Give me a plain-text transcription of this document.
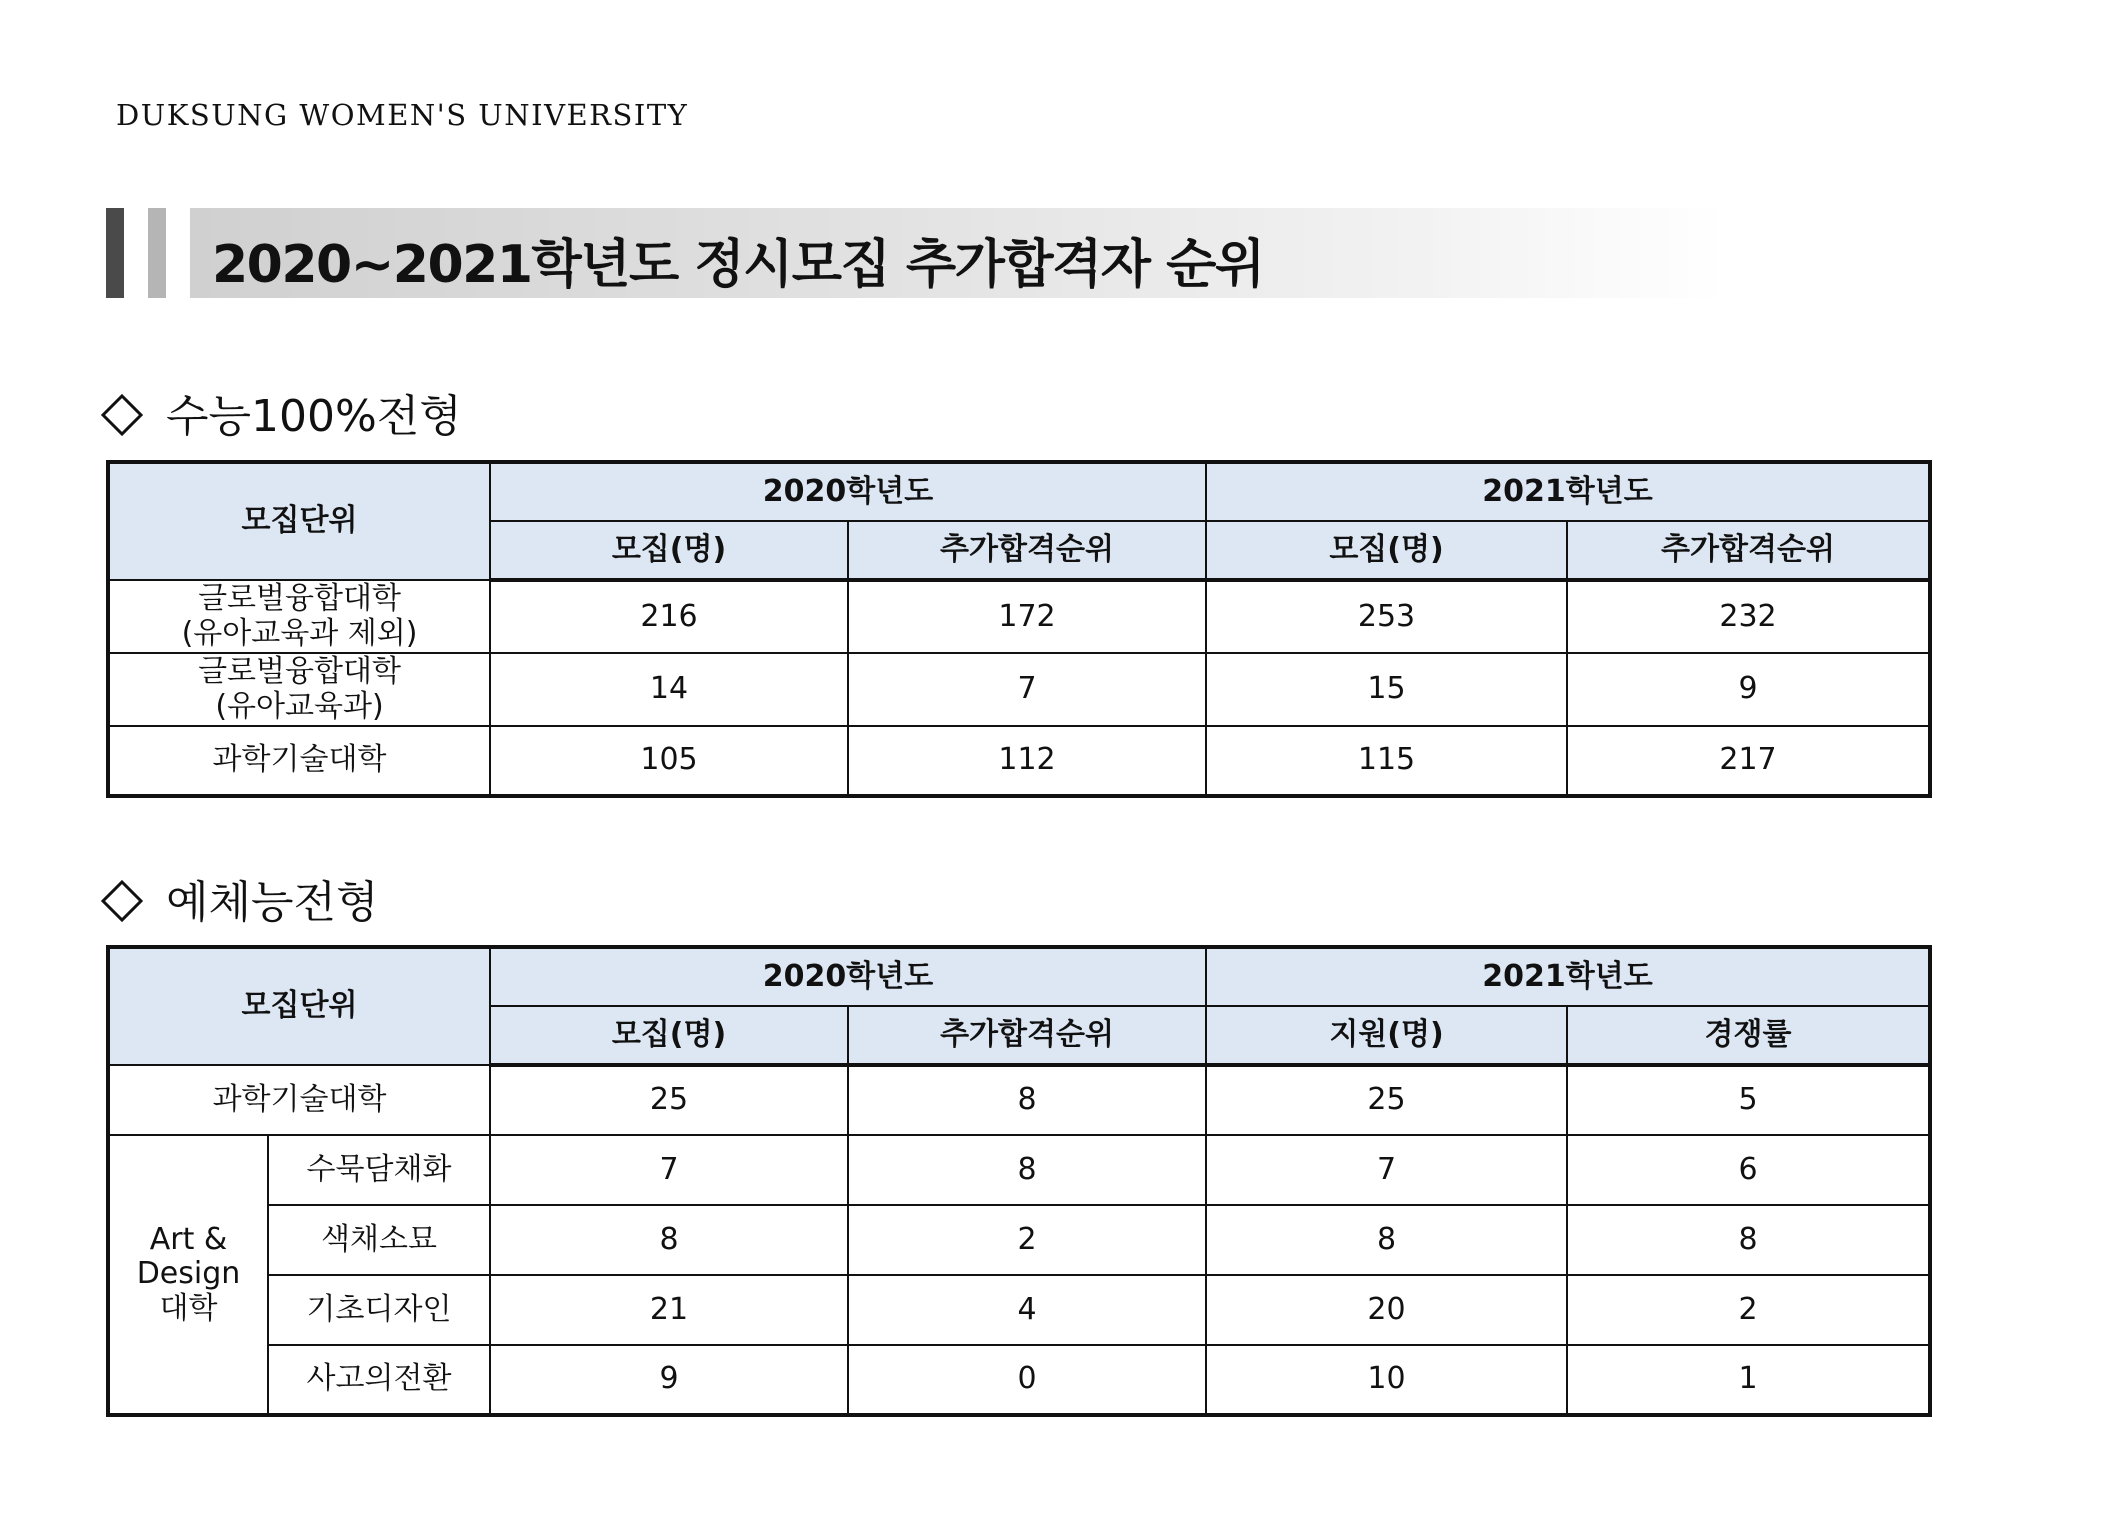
DUKSUNG WOMEN'S UNIVERSITY
2020~2021학년도 정시모집 추가합격자 순위
수능100%전형
모집단위	2020학년도		2021학년도	
	모집(명)	추가합격순위	모집(명)	추가합격순위

글로벌융합대학
(유아교육과 제외)	216	172	253	232

글로벌융합대학
(유아교육과)	14	7	15	9
과학기술대학	105	112	115	217
예체능전형
모집단위		2020학년도		2021학년도	
		모집(명)	추가합격순위	지원(명)	경쟁률
과학기술대학		25	8	25	5

Art &
Design
대학	수묵담채화	7	8	7	6
	색채소묘	8	2	8	8
	기초디자인	21	4	20	2
	사고의전환	9	0	10	1
